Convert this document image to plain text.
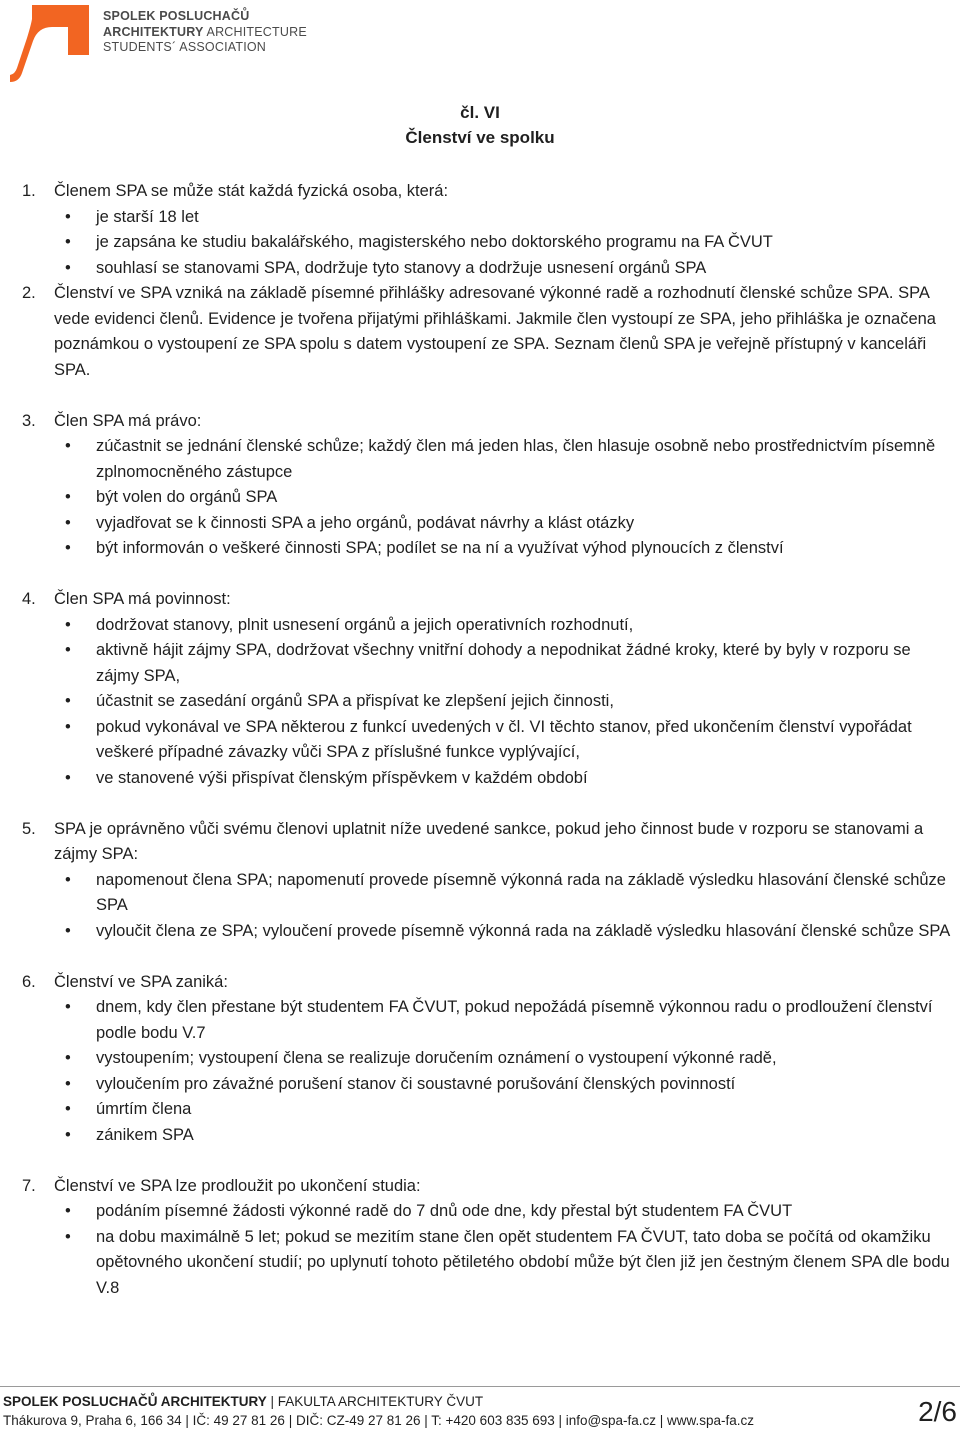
SPOLEK POSLUCHAČŮ
ARCHITEKTURY ARCHITECTURE
STUDENTS´ ASSOCIATION
čl. VI
Členství ve spolku
1. Členem SPA se může stát každá fyzická osoba, která:
• je starší 18 let
• je zapsána ke studiu bakalářského, magisterského nebo doktorského programu na FA ČVUT
• souhlasí se stanovami SPA, dodržuje tyto stanovy a dodržuje usnesení orgánů SPA
2. Členství ve SPA vzniká na základě písemné přihlášky adresované výkonné radě a rozhodnutí členské schůze SPA. SPA vede evidenci členů. Evidence je tvořena přijatými přihláškami. Jakmile člen vystoupí ze SPA, jeho přihláška je označena poznámkou o vystoupení ze SPA spolu s datem vystoupení ze SPA. Seznam členů SPA je veřejně přístupný v kanceláři SPA.
3. Člen SPA má právo:
• zúčastnit se jednání členské schůze; každý člen má jeden hlas, člen hlasuje osobně nebo prostřednictvím písemně zplnomocněného zástupce
• být volen do orgánů SPA
• vyjadřovat se k činnosti SPA a jeho orgánů, podávat návrhy a klást otázky
• být informován o veškeré činnosti SPA; podílet se na ní a využívat výhod plynoucích z členství
4. Člen SPA má povinnost:
• dodržovat stanovy, plnit usnesení orgánů a jejich operativních rozhodnutí,
• aktivně hájit zájmy SPA, dodržovat všechny vnitřní dohody a nepodnikat žádné kroky, které by byly v rozporu se zájmy SPA,
• účastnit se zasedání orgánů SPA a přispívat ke zlepšení jejich činnosti,
• pokud vykonával ve SPA některou z funkcí uvedených v čl. VI těchto stanov, před ukončením členství vypořádat veškeré případné závazky vůči SPA z příslušné funkce vyplývající,
• ve stanovené výši přispívat členským příspěvkem v každém období
5. SPA je oprávněno vůči svému členovi uplatnit níže uvedené sankce, pokud jeho činnost bude v rozporu se stanovami a zájmy SPA:
• napomenout člena SPA; napomenutí provede písemně výkonná rada na základě výsledku hlasování členské schůze SPA
• vyloučit člena ze SPA; vyloučení provede písemně výkonná rada na základě výsledku hlasování členské schůze SPA
6. Členství ve SPA zaniká:
• dnem, kdy člen přestane být studentem FA ČVUT, pokud nepožádá písemně výkonnou radu o prodloužení členství podle bodu V.7
• vystoupením; vystoupení člena se realizuje doručením oznámení o vystoupení výkonné radě,
• vyloučením pro závažné porušení stanov či soustavné porušování členských povinností
• úmrtím člena
• zánikem SPA
7. Členství ve SPA lze prodloužit po ukončení studia:
• podáním písemné žádosti výkonné radě do 7 dnů ode dne, kdy přestal být studentem FA ČVUT
• na dobu maximálně 5 let; pokud se mezitím stane člen opět studentem FA ČVUT, tato doba se počítá od okamžiku opětovného ukončení studií; po uplynutí tohoto pětiletého období může být člen již jen čestným členem SPA dle bodu V.8
SPOLEK POSLUCHAČŮ ARCHITEKTURY | FAKULTA ARCHITEKTURY ČVUT
Thákurova 9, Praha 6, 166 34 | IČ: 49 27 81 26 | DIČ: CZ-49 27 81 26 | T: +420 603 835 693 | info@spa-fa.cz | www.spa-fa.cz	2/6
